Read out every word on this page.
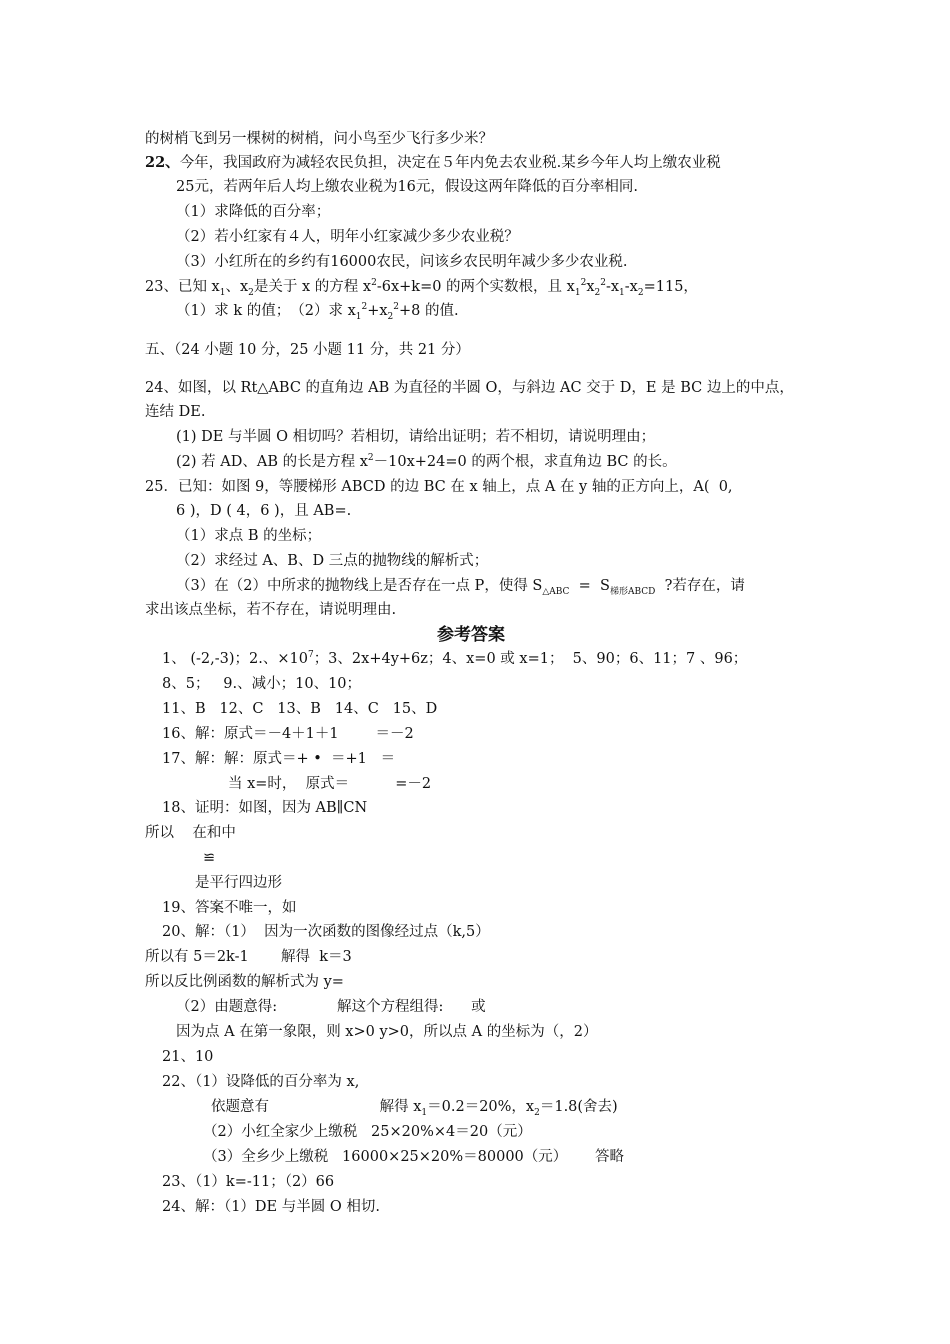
的树梢飞到另一棵树的树梢，问小鸟至少飞行多少米？
22、今年，我国政府为减轻农民负担，决定在５年内免去农业税.某乡今年人均上缴农业税
25元，若两年后人均上缴农业税为16元，假设这两年降低的百分率相同.
（1）求降低的百分率；
（2）若小红家有４人，明年小红家减少多少农业税？
（3）小红所在的乡约有16000农民，问该乡农民明年减少多少农业税.
23、已知 $x_1$、$x_2$是关于 x 的方程 $x^2-6x+k=0$ 的两个实数根，且 $x_1^2x_2^2-x_1-x_2=115$，
（1）求 k 的值；　（2）求 $x_1^2+x_2^2+8$ 的值.
五、（24 小题 10 分，25 小题 11 分，共 21 分）
24、如图，以 Rt△ABC 的直角边 AB 为直径的半圆 O，与斜边 AC 交于 D，E 是 BC 边上的中点，
连结 DE.
(1) DE 与半圆 O 相切吗？若相切，请给出证明；若不相切，请说明理由；
(2) 若 AD、AB 的长是方程 $x^2-10x+24=0$ 的两个根，求直角边 BC 的长。
25．已知：如图 9，等腰梯形 ABCD 的边 BC 在 x 轴上，点 A 在 y 轴的正方向上，A(  0,
6 )，D ( 4，6 )，且 AB=.
（1）求点 B 的坐标；
（2）求经过 A、B、D 三点的抛物线的解析式；
（3）在（2）中所求的抛物线上是否存在一点 P，使得 $S_{\triangle ABC} = S_{梯形ABCD}$  ?若存在，请
求出该点坐标，若不存在，请说明理由.
参考答案
1、 (-2,-3)；2.、$\times 10^7$；3、2x+4y+6z；4、x=0 或 x=1；  5、90；6、11；7 、96；
8、5；   9.、减小；10、10；
11、B   12、C   13、B   14、C   15、D
16、解：原式＝－4＋1＋1        ＝－2
17、解：解：原式＝+ •  ＝+1   ＝
当 x=时，  原式＝          =－2
18、证明：如图，因为 AB∥CN
所以    在和中
≌
是平行四边形
19、答案不唯一，如
20、解：（1）  因为一次函数的图像经过点（k,5）
所以有 5＝2k-1       解得  k＝3
所以反比例函数的解析式为 y=
（2）由题意得:             解这个方程组得:      或
因为点 A 在第一象限，则 x>0 y>0，所以点 A 的坐标为（，2）
21、10
22、（1）设降低的百分率为 x,
依题意有                        解得 $x_1=0.2=20\%$，$x_2=1.8$(舍去)
（2）小红全家少上缴税   25×20%×4＝20（元）
（3）全乡少上缴税   16000×25×20%＝80000（元）      答略
23、（1）k=-11；（2）66
24、解：（1）DE 与半圆 O 相切.
